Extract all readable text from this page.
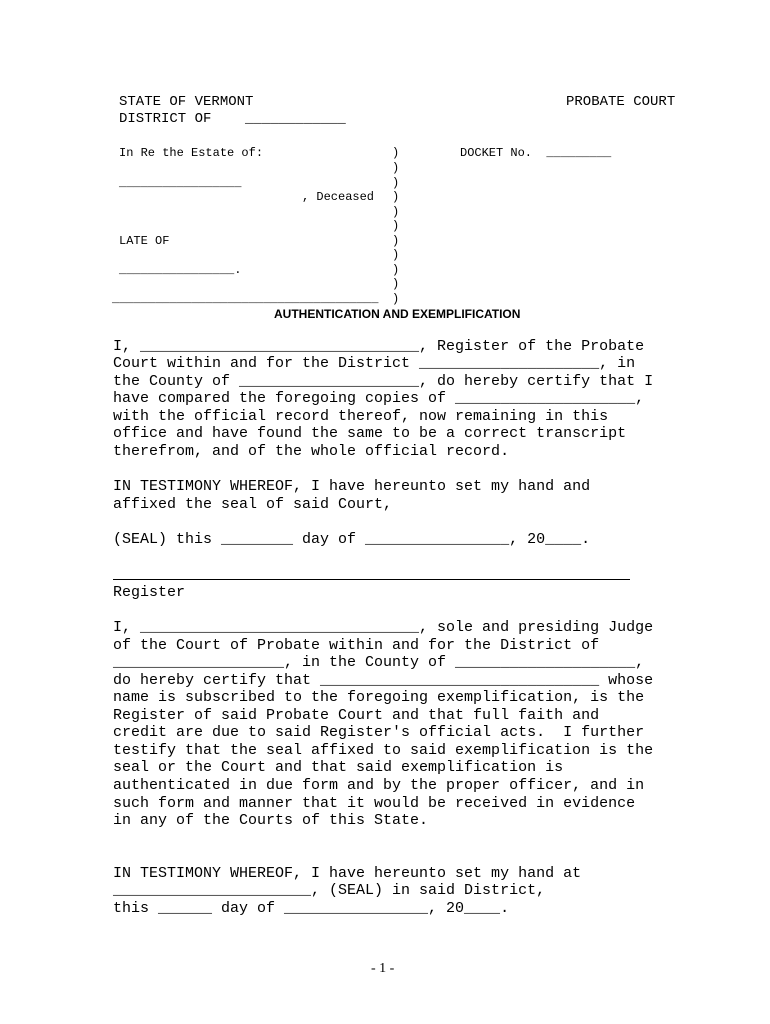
STATE OF VERMONT	PROBATE COURT
DISTRICT OF    ____________
In Re the Estate of:	DOCKET No.  _________
_________________
, Deceased
LATE OF
________________.
_____________________________________
)
)
)
)
)
)
)
)
)
)
)
AUTHENTICATION AND EXEMPLIFICATION
I, _______________________________, Register of the Probate
Court within and for the District ____________________, in
the County of ____________________, do hereby certify that I
have compared the foregoing copies of ____________________,
with the official record thereof, now remaining in this
office and have found the same to be a correct transcript
therefrom, and of the whole official record.
IN TESTIMONY WHEREOF, I have hereunto set my hand and
affixed the seal of said Court,
(SEAL) this ________ day of ________________, 20____.
Register
I, _______________________________, sole and presiding Judge
of the Court of Probate within and for the District of
___________________, in the County of ____________________,
do hereby certify that _______________________________ whose
name is subscribed to the foregoing exemplification, is the
Register of said Probate Court and that full faith and
credit are due to said Register's official acts.  I further
testify that the seal affixed to said exemplification is the
seal or the Court and that said exemplification is
authenticated in due form and by the proper officer, and in
such form and manner that it would be received in evidence
in any of the Courts of this State.
IN TESTIMONY WHEREOF, I have hereunto set my hand at
______________________, (SEAL) in said District,
this ______ day of ________________, 20____.
- 1 -
